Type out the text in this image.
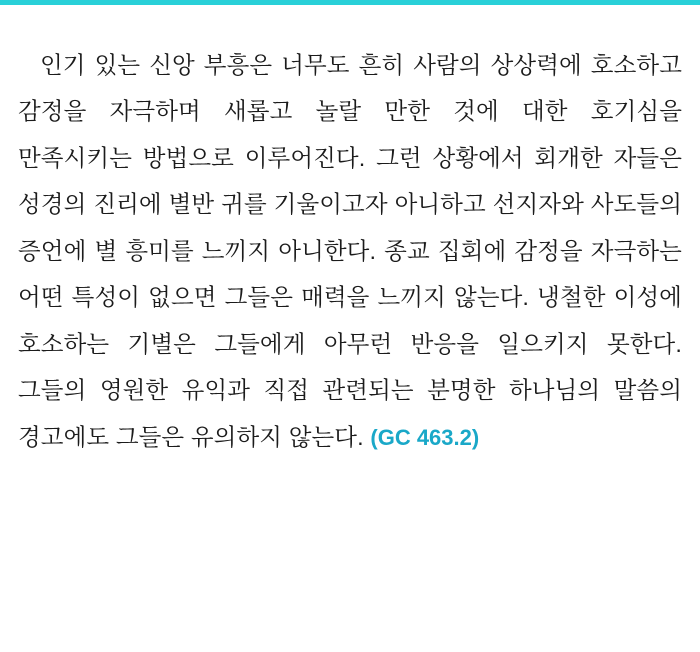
인기 있는 신앙 부흥은 너무도 흔히 사람의 상상력에 호소하고 감정을 자극하며 새롭고 놀랄 만한 것에 대한 호기심을 만족시키는 방법으로 이루어진다. 그런 상황에서 회개한 자들은 성경의 진리에 별반 귀를 기울이고자 아니하고 선지자와 사도들의 증언에 별 흥미를 느끼지 아니한다. 종교 집회에 감정을 자극하는 어떤 특성이 없으면 그들은 매력을 느끼지 않는다. 냉철한 이성에 호소하는 기별은 그들에게 아무런 반응을 일으키지 못한다. 그들의 영원한 유익과 직접 관련되는 분명한 하나님의 말씀의 경고에도 그들은 유의하지 않는다. (GC 463.2)
